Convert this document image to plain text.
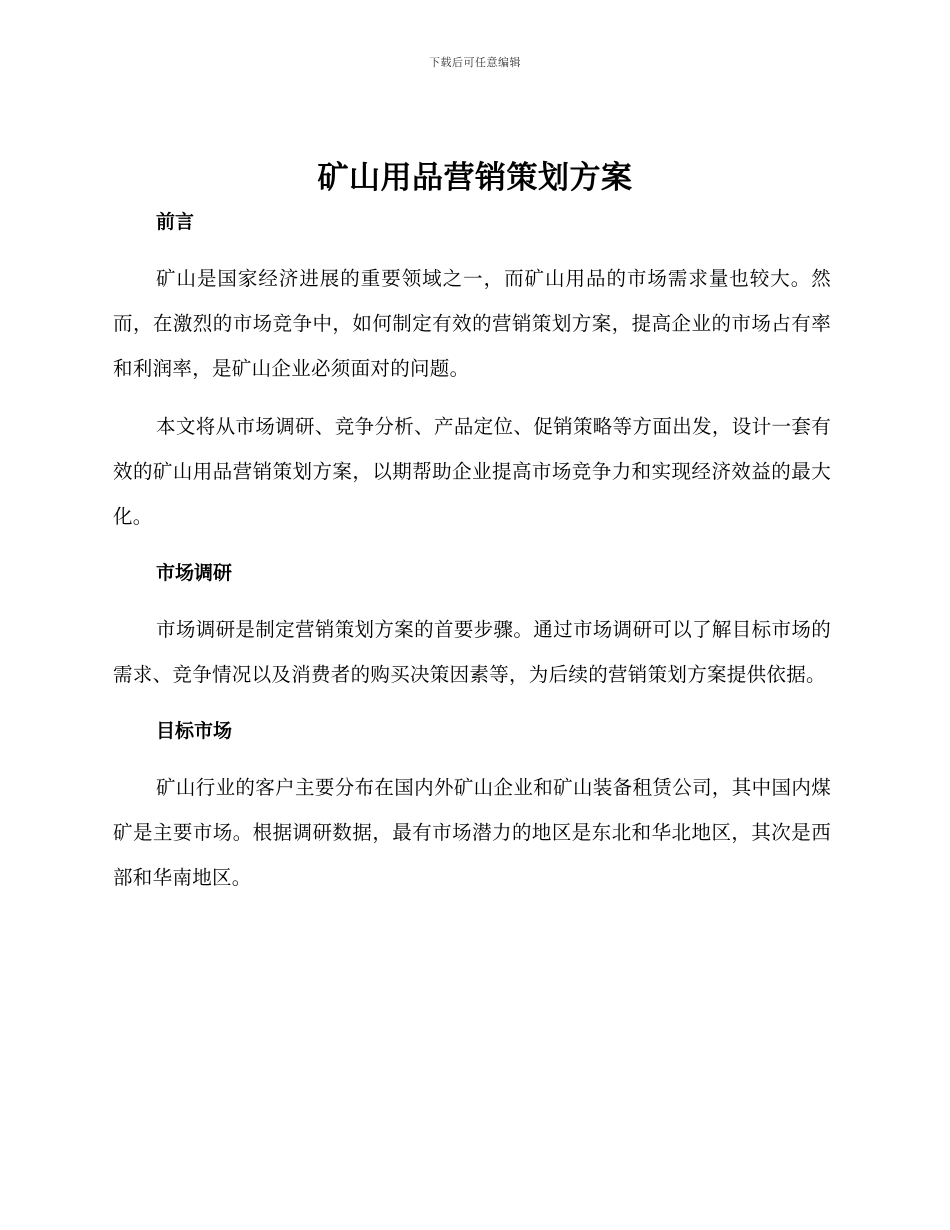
下载后可任意编辑
矿山用品营销策划方案
前言

矿山是国家经济进展的重要领域之一，而矿山用品的市场需求量也较大。然而，在激烈的市场竞争中，如何制定有效的营销策划方案，提高企业的市场占有率和利润率，是矿山企业必须面对的问题。

本文将从市场调研、竞争分析、产品定位、促销策略等方面出发，设计一套有效的矿山用品营销策划方案，以期帮助企业提高市场竞争力和实现经济效益的最大化。

市场调研

市场调研是制定营销策划方案的首要步骤。通过市场调研可以了解目标市场的需求、竞争情况以及消费者的购买决策因素等，为后续的营销策划方案提供依据。

目标市场

矿山行业的客户主要分布在国内外矿山企业和矿山装备租赁公司，其中国内煤矿是主要市场。根据调研数据，最有市场潜力的地区是东北和华北地区，其次是西部和华南地区。
